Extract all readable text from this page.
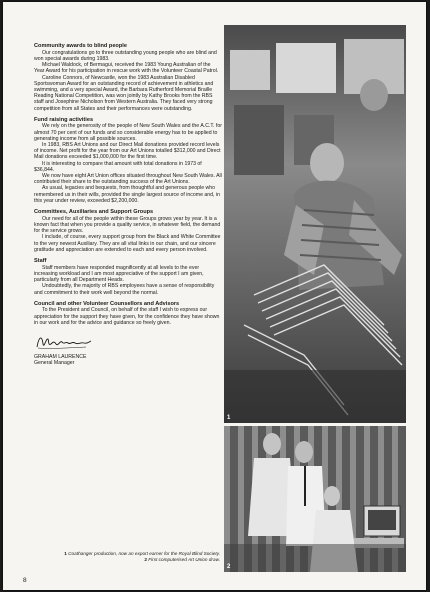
Community awards to blind people

Our congratulations go to three outstanding young people who are blind and won special awards during 1983.

Michael Waldock, of Bermagui, received the 1983 Young Australian of the Year Award for his participation in rescue work with the Volunteer Coastal Patrol.

Caroline Connors, of Newcastle, won the 1983 Australian Disabled Sportswoman Award for an outstanding record of achievement in athletics and swimming, and a very special Award, the Barbara Rutherford Memorial Braille Reading National Competition, was won jointly by Kathy Brooks from the RBS staff and Josephine Nicholson from Western Australia. They faced very strong competition from all States and their performances were outstanding.

Fund raising activities

We rely on the generosity of the people of New South Wales and the A.C.T. for almost 70 per cent of our funds and so considerable energy has to be applied to generating income from all possible sources.

In 1983, RBS Art Unions and our Direct Mail donations provided record levels of income. Net profit for the year from our Art Unions totalled $312,000 and Direct Mail donations exceeded $1,000,000 for the first time.

It is interesting to compare that amount with total donations in 1973 of $36,844.

We now have eight Art Union offices situated throughout New South Wales. All contributed their share to the outstanding success of the Art Unions.

As usual, legacies and bequests, from thoughtful and generous people who remembered us in their wills, provided the single largest source of income and, in this year under review, exceeded $2,200,000.

Committees, Auxiliaries and Support Groups

Our need for all of the people within these Groups grows year by year. It is a known fact that when you provide a quality service, in whatever field, the demand for the service grows.

I include, of course, every support group from the Black and White Committee to the very newest Auxiliary. They are all vital links in our chain, and our sincere gratitude and appreciation are extended to each and every person involved.

Staff

Staff members have responded magnificently at all levels to the ever increasing workload and I am most appreciative of the support I am given, particularly from all Department Heads.

Undoubtedly, the majority of RBS employees have a sense of responsibility and commitment to their work well beyond the normal.

Council and other Volunteer Counsellors and Advisors

To the President and Council, on behalf of the staff I wish to express our appreciation for the support they have given, for the confidence they have shown in our work and for the advice and guidance so freely given.

GRAHAM LAURENCE
General Manager
1
2
1 Coathanger production, now an export earner for the Royal Blind Society.
2 First computerised Art Union draw.
8
